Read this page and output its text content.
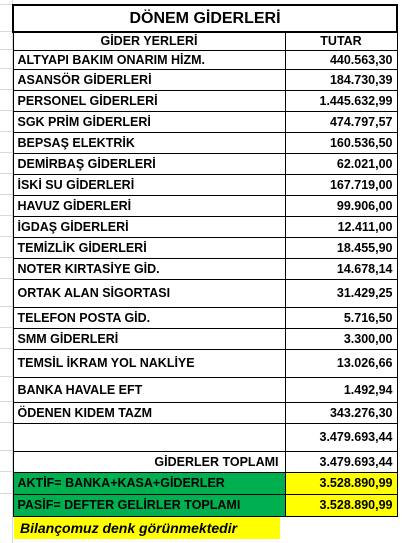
DÖNEM GİDERLERİ	
GİDER YERLERİ	TUTAR
ALTYAPI BAKIM ONARIM HİZM.	440.563,30
ASANSÖR GİDERLERİ	184.730,39
PERSONEL GİDERLERİ	1.445.632,99
SGK PRİM GİDERLERİ	474.797,57
BEPSAŞ ELEKTRİK	160.536,50
DEMİRBAŞ GİDERLERİ	62.021,00
İSKİ SU GİDERLERİ	167.719,00
HAVUZ GİDERLERİ	99.906,00
İGDAŞ GİDERLERİ	12.411,00
TEMİZLİK GİDERLERİ	18.455,90
NOTER KIRTASİYE GİD.	14.678,14
ORTAK ALAN SİGORTASI	31.429,25
TELEFON POSTA GİD.	5.716,50
SMM GİDERLERİ	3.300,00
TEMSİL İKRAM YOL NAKLİYE	13.026,66
BANKA HAVALE EFT	1.492,94
ÖDENEN KIDEM TAZM	343.276,30
	3.479.693,44
GİDERLER TOPLAMI	3.479.693,44
AKTİF= BANKA+KASA+GİDERLER	3.528.890,99
PASİF= DEFTER GELİRLER TOPLAMI	3.528.890,99
Bilançomuz denk görünmektedir
